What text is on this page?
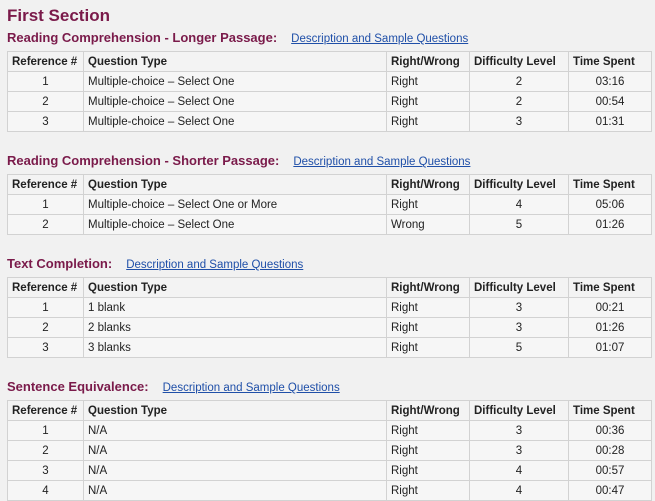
First Section
Reading Comprehension - Longer Passage: Description and Sample Questions
Reference #	Question Type	Right/Wrong	Difficulty Level	Time Spent
1	Multiple-choice – Select One	Right	2	03:16
2	Multiple-choice – Select One	Right	2	00:54
3	Multiple-choice – Select One	Right	3	01:31
Reading Comprehension - Shorter Passage: Description and Sample Questions
Reference #	Question Type	Right/Wrong	Difficulty Level	Time Spent
1	Multiple-choice – Select One or More	Right	4	05:06
2	Multiple-choice – Select One	Wrong	5	01:26
Text Completion: Description and Sample Questions
Reference #	Question Type	Right/Wrong	Difficulty Level	Time Spent
1	1 blank	Right	3	00:21
2	2 blanks	Right	3	01:26
3	3 blanks	Right	5	01:07
Sentence Equivalence: Description and Sample Questions
Reference #	Question Type	Right/Wrong	Difficulty Level	Time Spent
1	N/A	Right	3	00:36
2	N/A	Right	3	00:28
3	N/A	Right	4	00:57
4	N/A	Right	4	00:47
